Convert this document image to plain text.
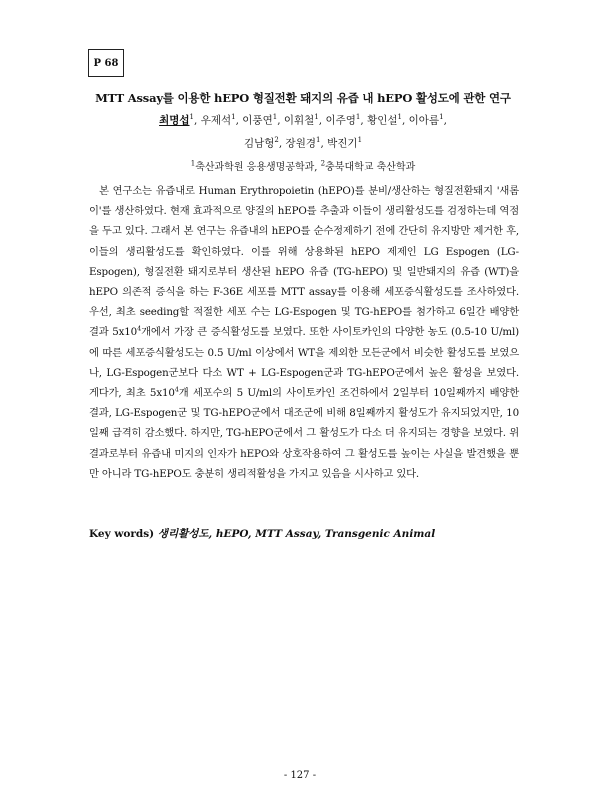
P 68
MTT Assay를 이용한 hEPO 형질전환 돼지의 유즙 내 hEPO 활성도에 관한 연구
최명섭$^1$, 우제석$^1$, 이풍연$^1$, 이휘철$^1$, 이주영$^1$, 황인설$^1$, 이아름$^1$,
김남형$^2$, 장원경$^1$, 박진기$^1$
$^1$축산과학원 응용생명공학과, $^2$충북대학교 축산학과

본 연구소는 유즙내로 Human Erythropoietin (hEPO)를 분비/생산하는 형질전환돼지 '새롬이'를 생산하였다. 현재 효과적으로 양질의 hEPO를 추출과 이들이 생리활성도를 검정하는데 역점을 두고 있다. 그래서 본 연구는 유즙내의 hEPO를 순수정제하기 전에 간단히 유지방만 제거한 후, 이들의 생리활성도를 확인하였다. 이를 위해 상용화된 hEPO 제제인 LG Espogen (LG-Espogen), 형질전환 돼지로부터 생산된 hEPO 유즙 (TG-hEPO) 및 일반돼지의 유즙 (WT)을 hEPO 의존적 증식을 하는 F-36E 세포를 MTT assay를 이용해 세포증식활성도를 조사하였다. 우선, 최초 seeding할 적절한 세포 수는 LG-Espogen 및 TG-hEPO를 첨가하고 6일간 배양한 결과 $5x10^4$개에서 가장 큰 증식활성도를 보였다. 또한 사이토카인의 다양한 농도 (0.5-10 U/ml)에 따른 세포증식활성도는 0.5 U/ml 이상에서 WT을 제외한 모든군에서 비슷한 활성도를 보였으나, LG-Espogen군보다 다소 WT + LG-Espogen군과 TG-hEPO군에서 높은 활성을 보였다. 게다가, 최초 $5x10^4$개 세포수의 5 U/ml의 사이토카인 조건하에서 2일부터 10일째까지 배양한 결과, LG-Espogen군 및 TG-hEPO군에서 대조군에 비해 8일째까지 활성도가 유지되었지만, 10일째 급격히 감소했다. 하지만, TG-hEPO군에서 그 활성도가 다소 더 유지되는 경향을 보였다. 위 결과로부터 유즙내 미지의 인자가 hEPO와 상호작용하여 그 활성도를 높이는 사실을 발견했을 뿐만 아니라 TG-hEPO도 충분히 생리적활성을 가지고 있음을 시사하고 있다.

Key words) 생리활성도, hEPO, MTT Assay, Transgenic Animal
- 127 -
